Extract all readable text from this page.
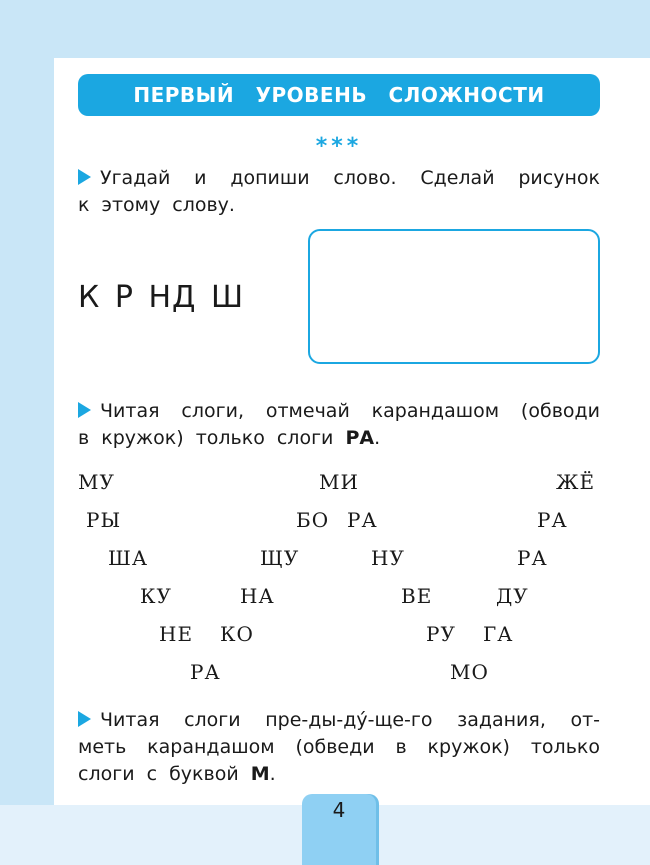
ПЕРВЫЙ УРОВЕНЬ СЛОЖНОСТИ
***
Угадай и допиши слово. Сделай рисунок
к этому слову.
К Р НД Ш
Читая слоги, отмечай карандашом (обводи
в кружок) только слоги РА.
МУ	МИ	ЖЁ
РЫ	БО РА	РА
ША	ЩУ	НУ	РА
КУ	НА	ВЕ	ДУ
НЕ КО	РУ ГА
РА	МО
Читая слоги пре-ды-ду́-ще-го задания, от-
меть карандашом (обведи в кружок) только
слоги с буквой М.
4
